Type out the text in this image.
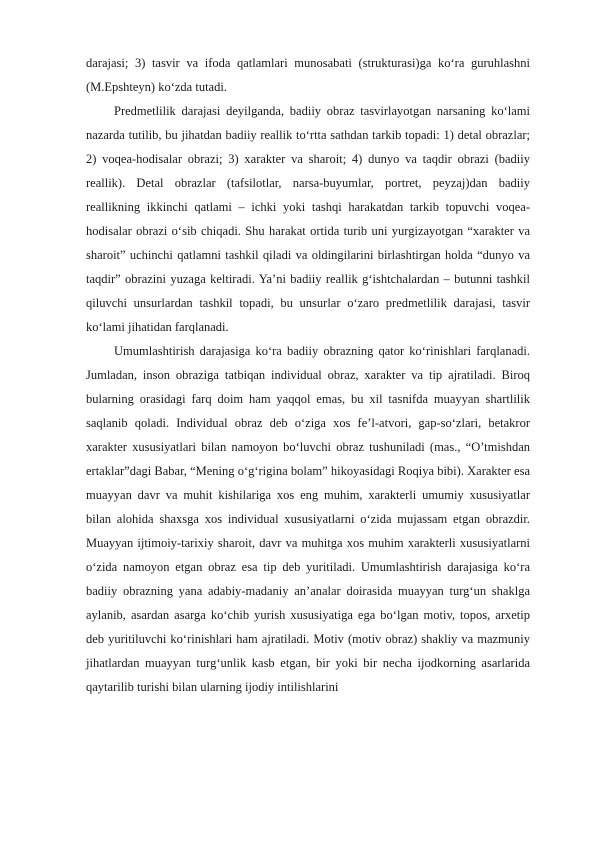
darajasi; 3) tasvir va ifoda qatlamlari munosabati (strukturasi)ga ko‘ra guruhlashni (M.Epshteyn) ko‘zda tutadi.

Predmetlilik darajasi deyilganda, badiiy obraz tasvirlayotgan narsaning ko‘lami nazarda tutilib, bu jihatdan badiiy reallik to‘rtta sathdan tarkib topadi: 1) detal obrazlar; 2) voqea-hodisalar obrazi; 3) xarakter va sharoit; 4) dunyo va taqdir obrazi (badiiy reallik). Detal obrazlar (tafsilotlar, narsa-buyumlar, portret, peyzaj)dan badiiy reallikning ikkinchi qatlami – ichki yoki tashqi harakatdan tarkib topuvchi voqea-hodisalar obrazi o‘sib chiqadi. Shu harakat ortida turib uni yurgizayotgan “xarakter va sharoit” uchinchi qatlamni tashkil qiladi va oldingilarini birlashtirgan holda “dunyo va taqdir” obrazini yuzaga keltiradi. Ya’ni badiiy reallik g‘ishtchalardan – butunni tashkil qiluvchi unsurlardan tashkil topadi, bu unsurlar o‘zaro predmetlilik darajasi, tasvir ko‘lami jihatidan farqlanadi.

Umumlashtirish darajasiga ko‘ra badiiy obrazning qator ko‘rinishlari farqlanadi. Jumladan, inson obraziga tatbiqan individual obraz, xarakter va tip ajratiladi. Biroq bularning orasidagi farq doim ham yaqqol emas, bu xil tasnifda muayyan shartlilik saqlanib qoladi. Individual obraz deb o‘ziga xos fe’l-atvori, gap-so‘zlari, betakror xarakter xususiyatlari bilan namoyon bo‘luvchi obraz tushuniladi (mas., “O’tmishdan ertaklar”dagi Babar, “Mening o‘g‘rigina bolam” hikoyasidagi Roqiya bibi). Xarakter esa muayyan davr va muhit kishilariga xos eng muhim, xarakterli umumiy xususiyatlar bilan alohida shaxsga xos individual xususiyatlarni o‘zida mujassam etgan obrazdir. Muayyan ijtimoiy-tarixiy sharoit, davr va muhitga xos muhim xarakterli xususiyatlarni o‘zida namoyon etgan obraz esa tip deb yuritiladi. Umumlashtirish darajasiga ko‘ra badiiy obrazning yana adabiy-madaniy an’analar doirasida muayyan turg‘un shaklga aylanib, asardan asarga ko‘chib yurish xususiyatiga ega bo‘lgan motiv, topos, arxetip deb yuritiluvchi ko‘rinishlari ham ajratiladi. Motiv (motiv obraz) shakliy va mazmuniy jihatlardan muayyan turg‘unlik kasb etgan, bir yoki bir necha ijodkorning asarlarida qaytarilib turishi bilan ularning ijodiy intilishlarini
